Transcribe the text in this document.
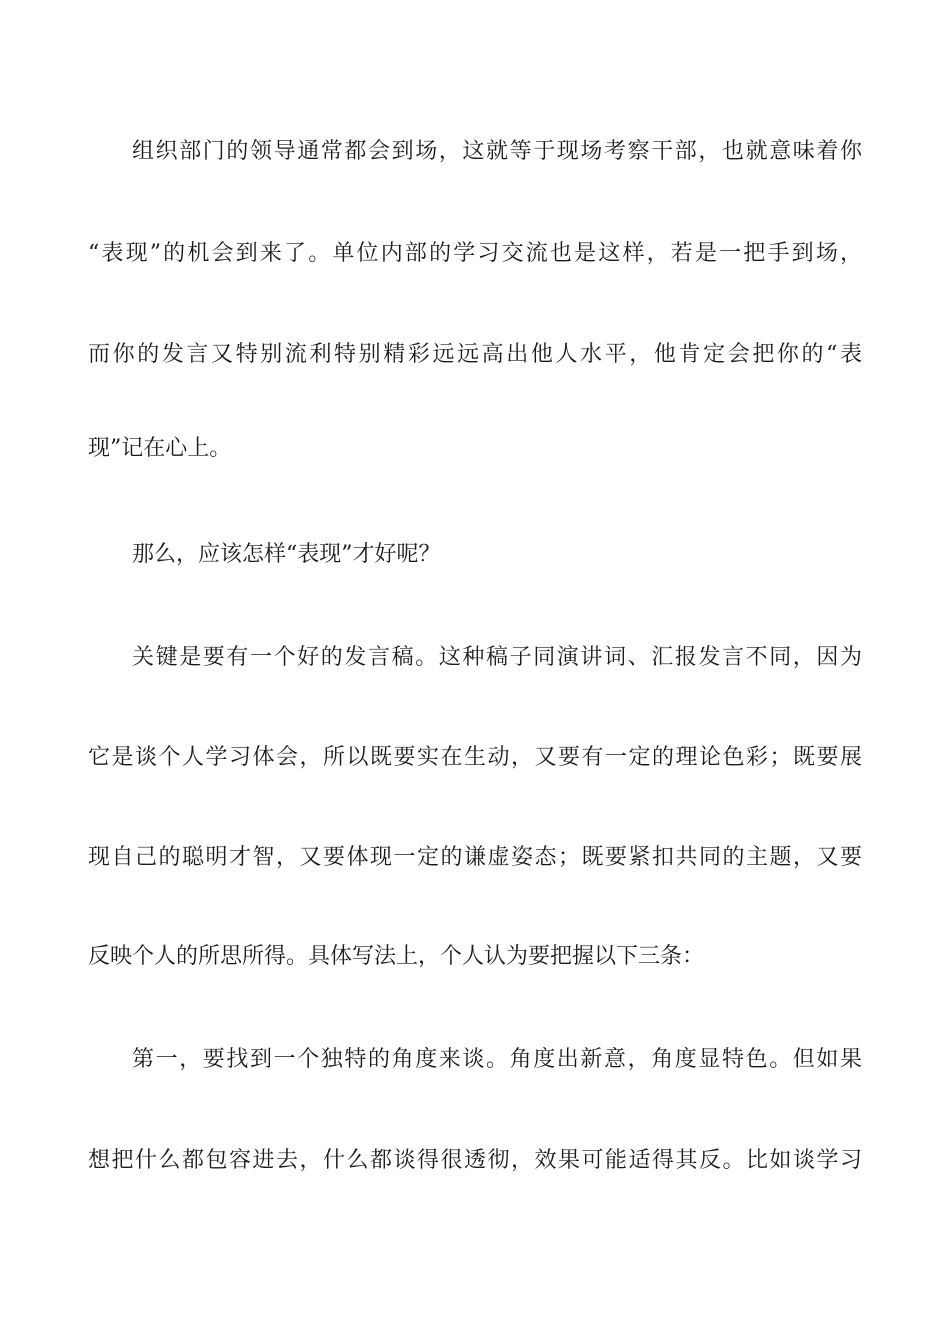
组织部门的领导通常都会到场，这就等于现场考察干部，也就意味着你
“表现”的机会到来了。单位内部的学习交流也是这样，若是一把手到场，
而你的发言又特别流利特别精彩远远高出他人水平，他肯定会把你的“表
现”记在心上。
那么，应该怎样“表现”才好呢？
关键是要有一个好的发言稿。这种稿子同演讲词、汇报发言不同，因为
它是谈个人学习体会，所以既要实在生动，又要有一定的理论色彩；既要展
现自己的聪明才智，又要体现一定的谦虚姿态；既要紧扣共同的主题，又要
反映个人的所思所得。具体写法上，个人认为要把握以下三条：
第一，要找到一个独特的角度来谈。角度出新意，角度显特色。但如果
想把什么都包容进去，什么都谈得很透彻，效果可能适得其反。比如谈学习
